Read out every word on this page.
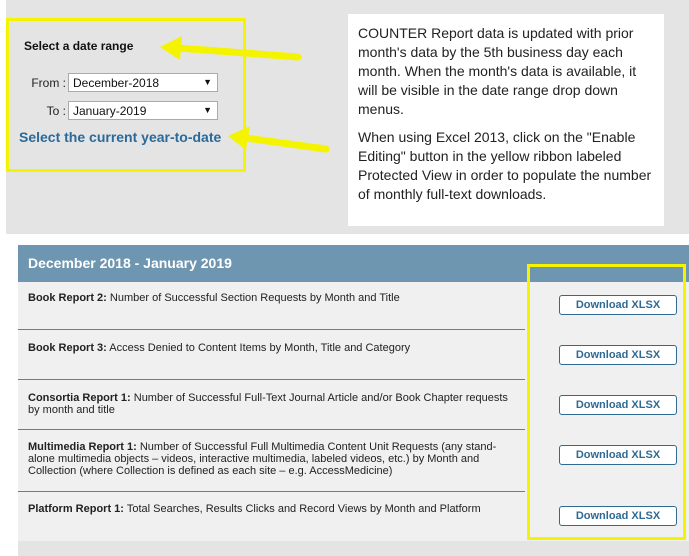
Select a date range
From : December-2018	▼
To : January-2019	▼
Select the current year-to-date

COUNTER Report data is updated with prior month's data by the 5th business day each month. When the month's data is available, it will be visible in the date range drop down menus.

When using Excel 2013, click on the "Enable Editing" button in the yellow ribbon labeled Protected View in order to populate the number of monthly full-text downloads.

December 2018 - January 2019
Book Report 2: Number of Successful Section Requests by Month and Title
Book Report 3: Access Denied to Content Items by Month, Title and Category
Consortia Report 1: Number of Successful Full-Text Journal Article and/or Book Chapter requests by month and title
Multimedia Report 1: Number of Successful Full Multimedia Content Unit Requests (any stand-alone multimedia objects – videos, interactive multimedia, labeled videos, etc.) by Month and Collection (where Collection is defined as each site – e.g. AccessMedicine)
Platform Report 1: Total Searches, Results Clicks and Record Views by Month and Platform
Download XLSX
Download XLSX
Download XLSX
Download XLSX
Download XLSX
